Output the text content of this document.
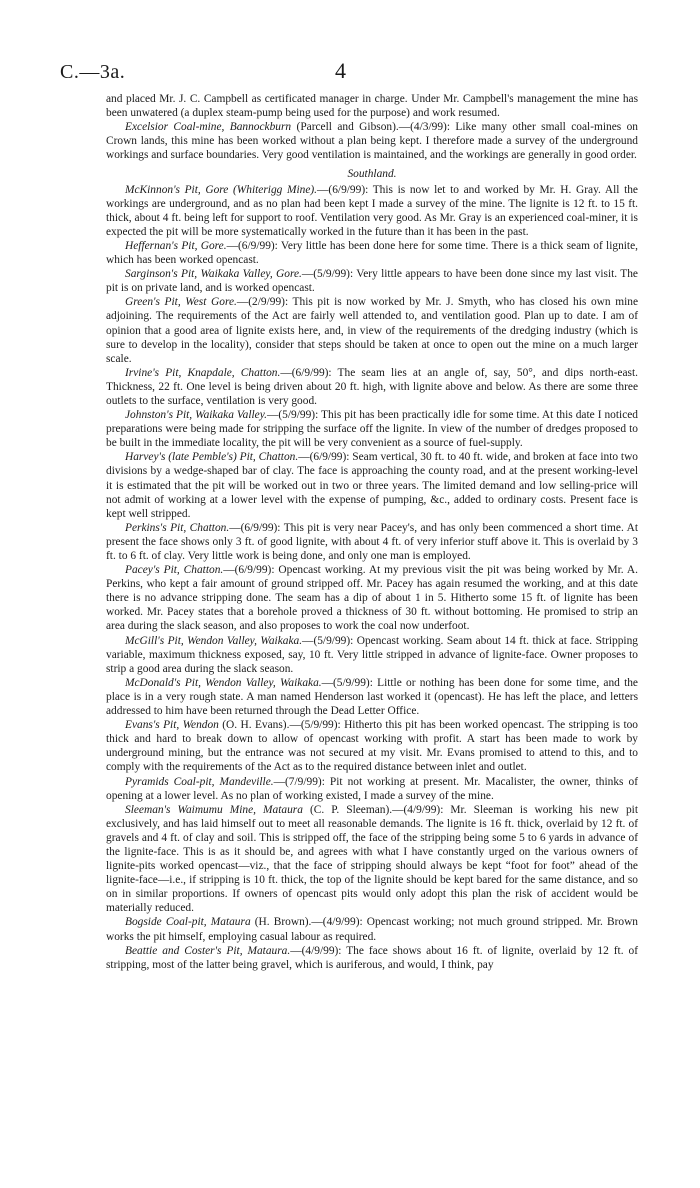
C.—3a.	4

and placed Mr. J. C. Campbell as certificated manager in charge. Under Mr. Campbell's management the mine has been unwatered (a duplex steam-pump being used for the purpose) and work resumed.

Excelsior Coal-mine, Bannockburn (Parcell and Gibson).—(4/3/99): Like many other small coal-mines on Crown lands, this mine has been worked without a plan being kept. I therefore made a survey of the underground workings and surface boundaries. Very good ventilation is maintained, and the workings are generally in good order.

Southland.

McKinnon's Pit, Gore (Whiterigg Mine).—(6/9/99): This is now let to and worked by Mr. H. Gray. All the workings are underground, and as no plan had been kept I made a survey of the mine. The lignite is 12 ft. to 15 ft. thick, about 4 ft. being left for support to roof. Ventilation very good. As Mr. Gray is an experienced coal-miner, it is expected the pit will be more systematically worked in the future than it has been in the past.

Heffernan's Pit, Gore.—(6/9/99): Very little has been done here for some time. There is a thick seam of lignite, which has been worked opencast.

Sarginson's Pit, Waikaka Valley, Gore.—(5/9/99): Very little appears to have been done since my last visit. The pit is on private land, and is worked opencast.

Green's Pit, West Gore.—(2/9/99): This pit is now worked by Mr. J. Smyth, who has closed his own mine adjoining. The requirements of the Act are fairly well attended to, and ventilation good. Plan up to date. I am of opinion that a good area of lignite exists here, and, in view of the requirements of the dredging industry (which is sure to develop in the locality), consider that steps should be taken at once to open out the mine on a much larger scale.

Irvine's Pit, Knapdale, Chatton.—(6/9/99): The seam lies at an angle of, say, 50°, and dips north-east. Thickness, 22 ft. One level is being driven about 20 ft. high, with lignite above and below. As there are some three outlets to the surface, ventilation is very good.

Johnston's Pit, Waikaka Valley.—(5/9/99): This pit has been practically idle for some time. At this date I noticed preparations were being made for stripping the surface off the lignite. In view of the number of dredges proposed to be built in the immediate locality, the pit will be very convenient as a source of fuel-supply.

Harvey's (late Pemble's) Pit, Chatton.—(6/9/99): Seam vertical, 30 ft. to 40 ft. wide, and broken at face into two divisions by a wedge-shaped bar of clay. The face is approaching the county road, and at the present working-level it is estimated that the pit will be worked out in two or three years. The limited demand and low selling-price will not admit of working at a lower level with the expense of pumping, &c., added to ordinary costs. Present face is kept well stripped.

Perkins's Pit, Chatton.—(6/9/99): This pit is very near Pacey's, and has only been commenced a short time. At present the face shows only 3 ft. of good lignite, with about 4 ft. of very inferior stuff above it. This is overlaid by 3 ft. to 6 ft. of clay. Very little work is being done, and only one man is employed.

Pacey's Pit, Chatton.—(6/9/99): Opencast working. At my previous visit the pit was being worked by Mr. A. Perkins, who kept a fair amount of ground stripped off. Mr. Pacey has again resumed the working, and at this date there is no advance stripping done. The seam has a dip of about 1 in 5. Hitherto some 15 ft. of lignite has been worked. Mr. Pacey states that a borehole proved a thickness of 30 ft. without bottoming. He promised to strip an area during the slack season, and also proposes to work the coal now underfoot.

McGill's Pit, Wendon Valley, Waikaka.—(5/9/99): Opencast working. Seam about 14 ft. thick at face. Stripping variable, maximum thickness exposed, say, 10 ft. Very little stripped in advance of lignite-face. Owner proposes to strip a good area during the slack season.

McDonald's Pit, Wendon Valley, Waikaka.—(5/9/99): Little or nothing has been done for some time, and the place is in a very rough state. A man named Henderson last worked it (opencast). He has left the place, and letters addressed to him have been returned through the Dead Letter Office.

Evans's Pit, Wendon (O. H. Evans).—(5/9/99): Hitherto this pit has been worked opencast. The stripping is too thick and hard to break down to allow of opencast working with profit. A start has been made to work by underground mining, but the entrance was not secured at my visit. Mr. Evans promised to attend to this, and to comply with the requirements of the Act as to the required distance between inlet and outlet.

Pyramids Coal-pit, Mandeville.—(7/9/99): Pit not working at present. Mr. Macalister, the owner, thinks of opening at a lower level. As no plan of working existed, I made a survey of the mine.

Sleeman's Waimumu Mine, Mataura (C. P. Sleeman).—(4/9/99): Mr. Sleeman is working his new pit exclusively, and has laid himself out to meet all reasonable demands. The lignite is 16 ft. thick, overlaid by 12 ft. of gravels and 4 ft. of clay and soil. This is stripped off, the face of the stripping being some 5 to 6 yards in advance of the lignite-face. This is as it should be, and agrees with what I have constantly urged on the various owners of lignite-pits worked opencast—viz., that the face of stripping should always be kept “foot for foot” ahead of the lignite-face—i.e., if stripping is 10 ft. thick, the top of the lignite should be kept bared for the same distance, and so on in similar proportions. If owners of opencast pits would only adopt this plan the risk of accident would be materially reduced.

Bogside Coal-pit, Mataura (H. Brown).—(4/9/99): Opencast working; not much ground stripped. Mr. Brown works the pit himself, employing casual labour as required.

Beattie and Coster's Pit, Mataura.—(4/9/99): The face shows about 16 ft. of lignite, overlaid by 12 ft. of stripping, most of the latter being gravel, which is auriferous, and would, I think, pay
